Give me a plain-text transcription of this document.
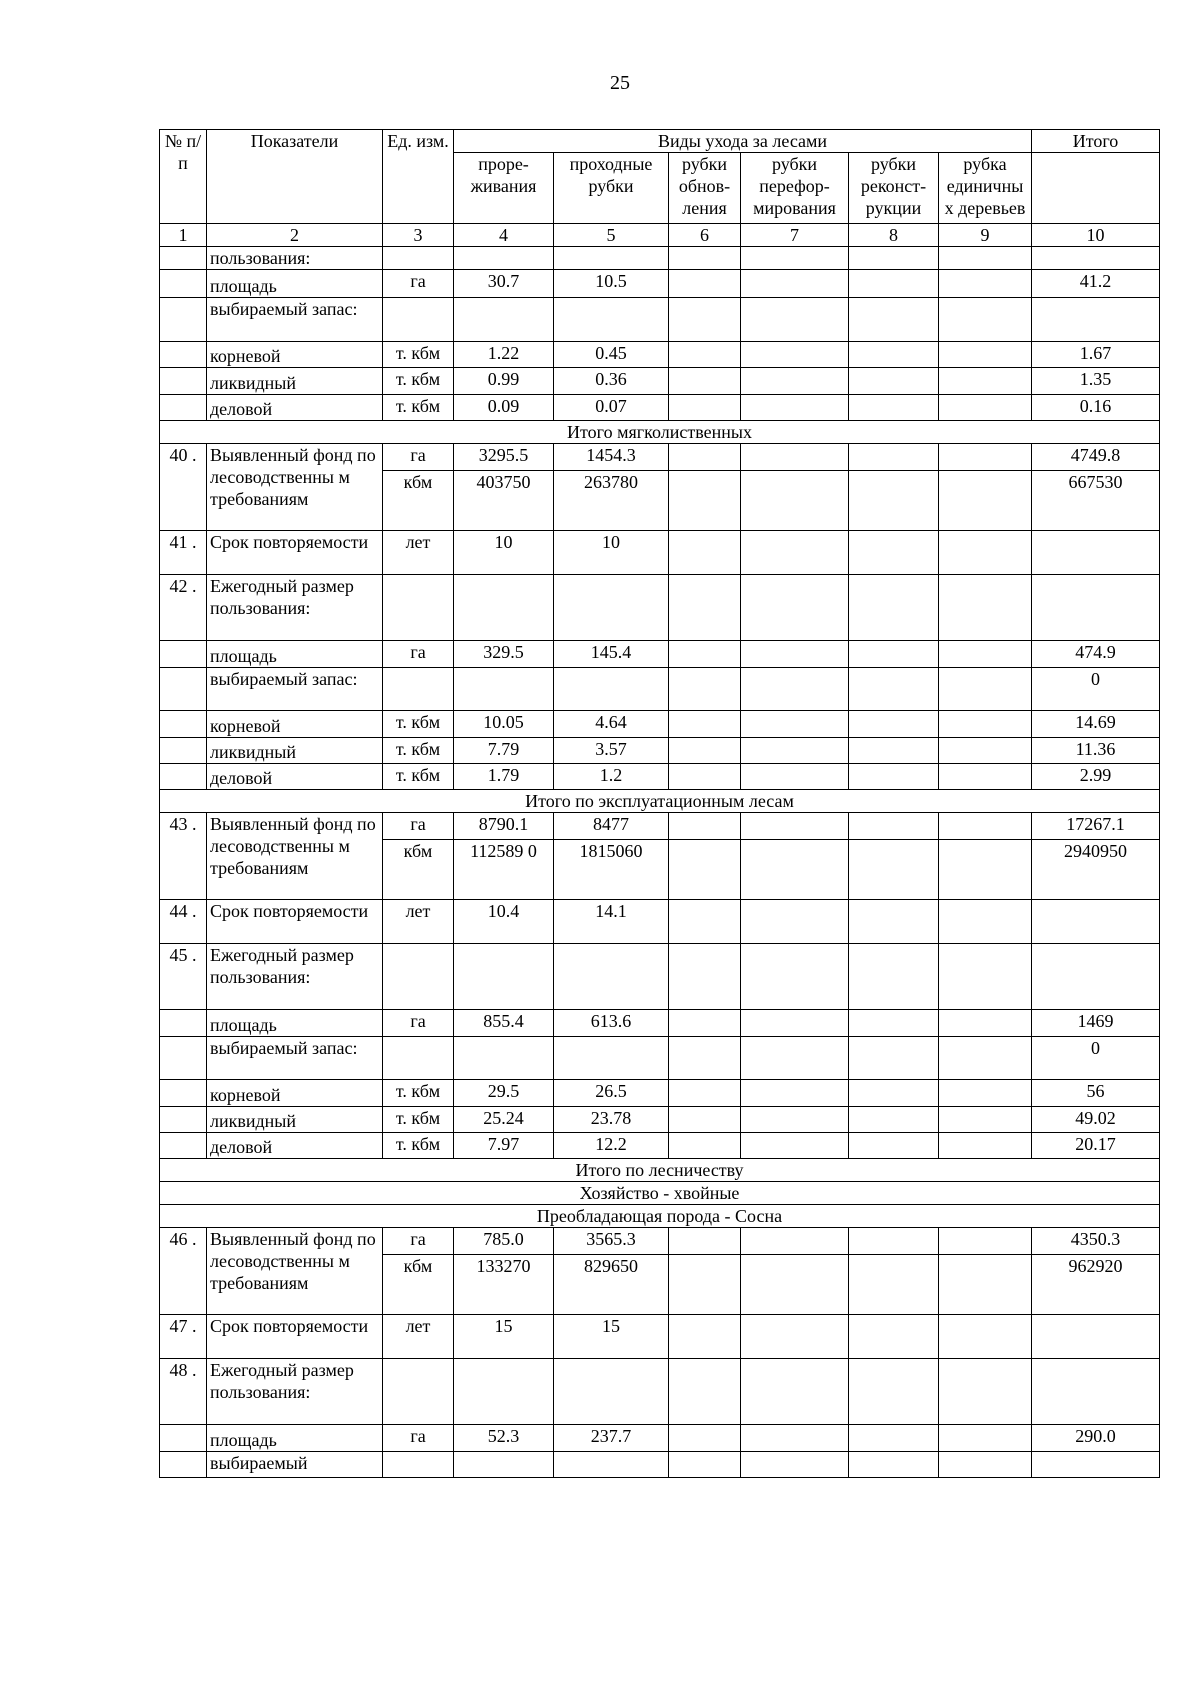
25
№ п/п	Показатели	Ед. изм.	Виды ухода за лесами						Итого
			проре-живания	проходные рубки	рубки обнов-ления	рубки перефор-мирования	рубки реконст-рукции	рубка единичны х деревьев	
1	2	3	4	5	6	7	8	9	10
	пользования:								
	площадь	га	30.7	10.5					41.2
	выбираемый запас:								
	корневой	т. кбм	1.22	0.45					1.67
	ликвидный	т. кбм	0.99	0.36					1.35
	деловой	т. кбм	0.09	0.07					0.16
Итого мягколиственных									
40 .	Выявленный фонд по лесоводственны м требованиям	га	3295.5	1454.3					4749.8
		кбм	403750	263780					667530
41 .	Срок повторяемости	лет	10	10					
42 .	Ежегодный размер пользования:								
	площадь	га	329.5	145.4					474.9
	выбираемый запас:								0
	корневой	т. кбм	10.05	4.64					14.69
	ликвидный	т. кбм	7.79	3.57					11.36
	деловой	т. кбм	1.79	1.2					2.99
Итого по эксплуатационным лесам									
43 .	Выявленный фонд по лесоводственны м требованиям	га	8790.1	8477					17267.1
		кбм	112589 0	1815060					2940950
44 .	Срок повторяемости	лет	10.4	14.1					
45 .	Ежегодный размер пользования:								
	площадь	га	855.4	613.6					1469
	выбираемый запас:								0
	корневой	т. кбм	29.5	26.5					56
	ликвидный	т. кбм	25.24	23.78					49.02
	деловой	т. кбм	7.97	12.2					20.17
Итого по лесничеству									
Хозяйство - хвойные									
Преобладающая порода - Сосна									
46 .	Выявленный фонд по лесоводственны м требованиям	га	785.0	3565.3					4350.3
		кбм	133270	829650					962920
47 .	Срок повторяемости	лет	15	15					
48 .	Ежегодный размер пользования:								
	площадь	га	52.3	237.7					290.0
	выбираемый								
